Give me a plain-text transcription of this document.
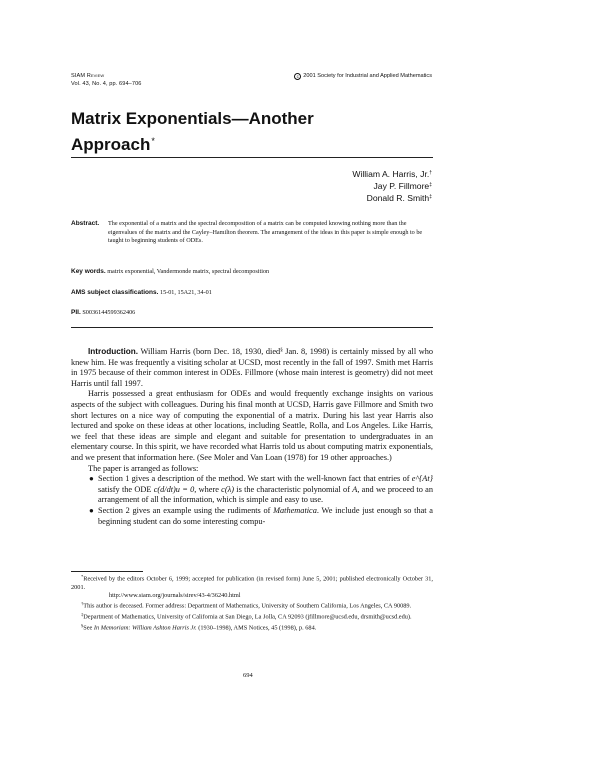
SIAM Review
Vol. 43, No. 4, pp. 694–706
c 2001 Society for Industrial and Applied Mathematics
Matrix Exponentials—Another
Approach*
William A. Harris, Jr.†
Jay P. Fillmore‡
Donald R. Smith‡
Abstract. The exponential of a matrix and the spectral decomposition of a matrix can be computed knowing nothing more than the eigenvalues of the matrix and the Cayley–Hamilton theorem. The arrangement of the ideas in this paper is simple enough to be taught to beginning students of ODEs.
Key words. matrix exponential, Vandermonde matrix, spectral decomposition
AMS subject classifications. 15-01, 15A21, 34-01
PII. S0036144599362406

Introduction. William Harris (born Dec. 18, 1930, died§ Jan. 8, 1998) is certainly missed by all who knew him. He was frequently a visiting scholar at UCSD, most recently in the fall of 1997. Smith met Harris in 1975 because of their common interest in ODEs. Fillmore (whose main interest is geometry) did not meet Harris until fall 1997.

Harris possessed a great enthusiasm for ODEs and would frequently exchange insights on various aspects of the subject with colleagues. During his final month at UCSD, Harris gave Fillmore and Smith two short lectures on a nice way of computing the exponential of a matrix. During his last year Harris also lectured and spoke on these ideas at other locations, including Seattle, Rolla, and Los Angeles. Like Harris, we feel that these ideas are simple and elegant and suitable for presentation to undergraduates in an elementary course. In this spirit, we have recorded what Harris told us about computing matrix exponentials, and we present that information here. (See Moler and Van Loan (1978) for 19 other approaches.)

The paper is arranged as follows:

● Section 1 gives a description of the method. We start with the well-known fact that entries of e^{At} satisfy the ODE c(d/dt)u = 0, where c(λ) is the characteristic polynomial of A, and we proceed to an arrangement of all the information, which is simple and easy to use.
● Section 2 gives an example using the rudiments of Mathematica. We include just enough so that a beginning student can do some interesting compu-

*Received by the editors October 6, 1999; accepted for publication (in revised form) June 5, 2001; published electronically October 31, 2001.

http://www.siam.org/journals/sirev/43-4/36240.html

†This author is deceased. Former address: Department of Mathematics, University of Southern California, Los Angeles, CA 90089.

‡Department of Mathematics, University of California at San Diego, La Jolla, CA 92093 (jfillmore@ucsd.edu, drsmith@ucsd.edu).

§See In Memoriam: William Ashton Harris Jr. (1930–1998), AMS Notices, 45 (1998), p. 684.

694
